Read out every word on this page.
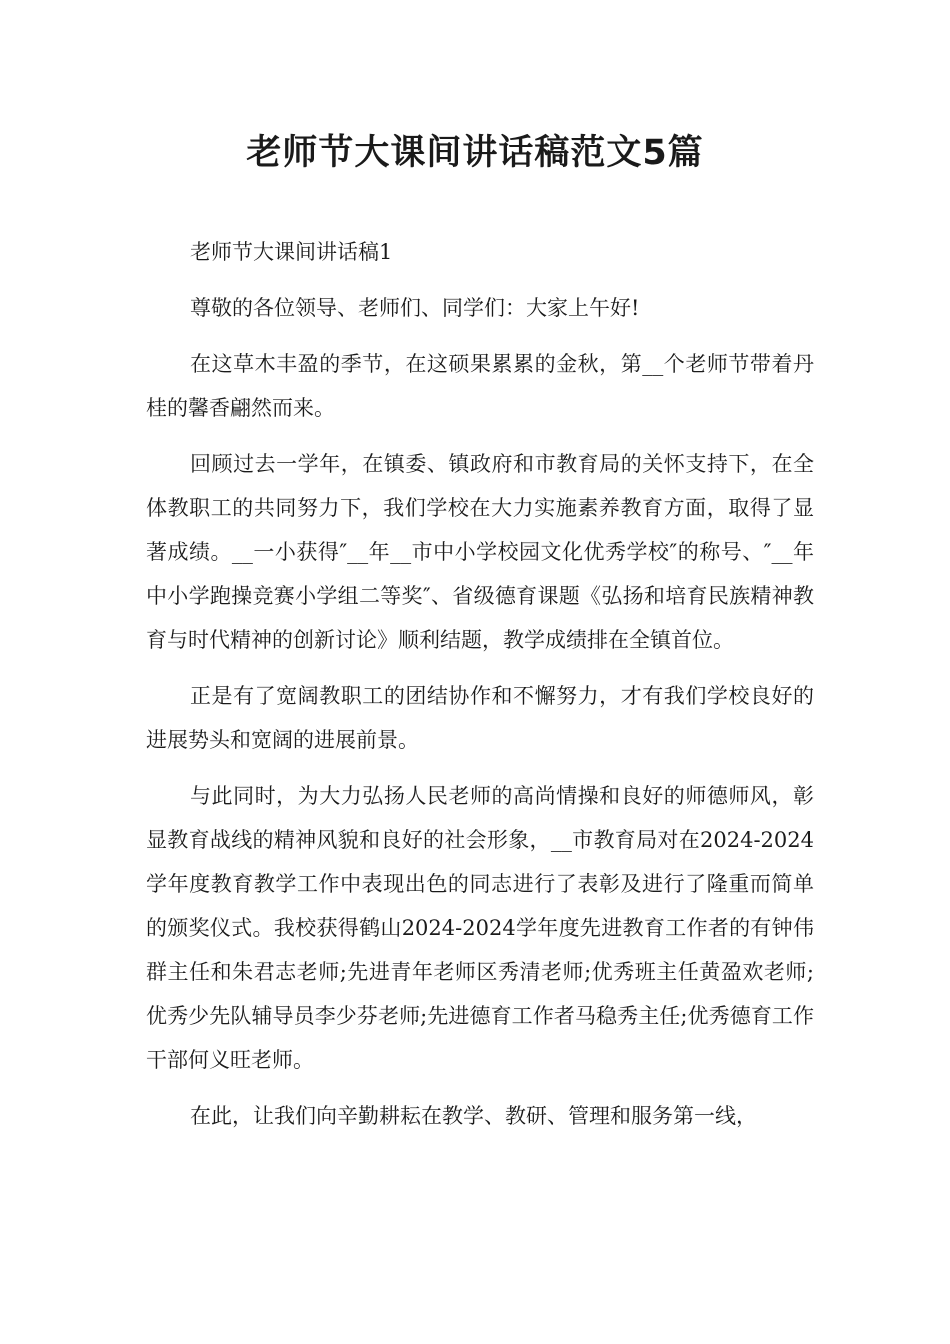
老师节大课间讲话稿范文5篇

老师节大课间讲话稿1

尊敬的各位领导、老师们、同学们：大家上午好!

在这草木丰盈的季节，在这硕果累累的金秋，第__个老师节带着丹桂的馨香翩然而来。

回顾过去一学年，在镇委、镇政府和市教育局的关怀支持下，在全体教职工的共同努力下，我们学校在大力实施素养教育方面，取得了显著成绩。__一小获得″__年__市中小学校园文化优秀学校″的称号、″__年中小学跑操竞赛小学组二等奖″、省级德育课题《弘扬和培育民族精神教育与时代精神的创新讨论》顺利结题，教学成绩排在全镇首位。

正是有了宽阔教职工的团结协作和不懈努力，才有我们学校良好的进展势头和宽阔的进展前景。

与此同时，为大力弘扬人民老师的高尚情操和良好的师德师风，彰显教育战线的精神风貌和良好的社会形象，__市教育局对在2024-2024学年度教育教学工作中表现出色的同志进行了表彰及进行了隆重而简单的颁奖仪式。我校获得鹤山2024-2024学年度先进教育工作者的有钟伟群主任和朱君志老师;先进青年老师区秀清老师;优秀班主任黄盈欢老师;优秀少先队辅导员李少芬老师;先进德育工作者马稳秀主任;优秀德育工作干部何义旺老师。

在此，让我们向辛勤耕耘在教学、教研、管理和服务第一线，
